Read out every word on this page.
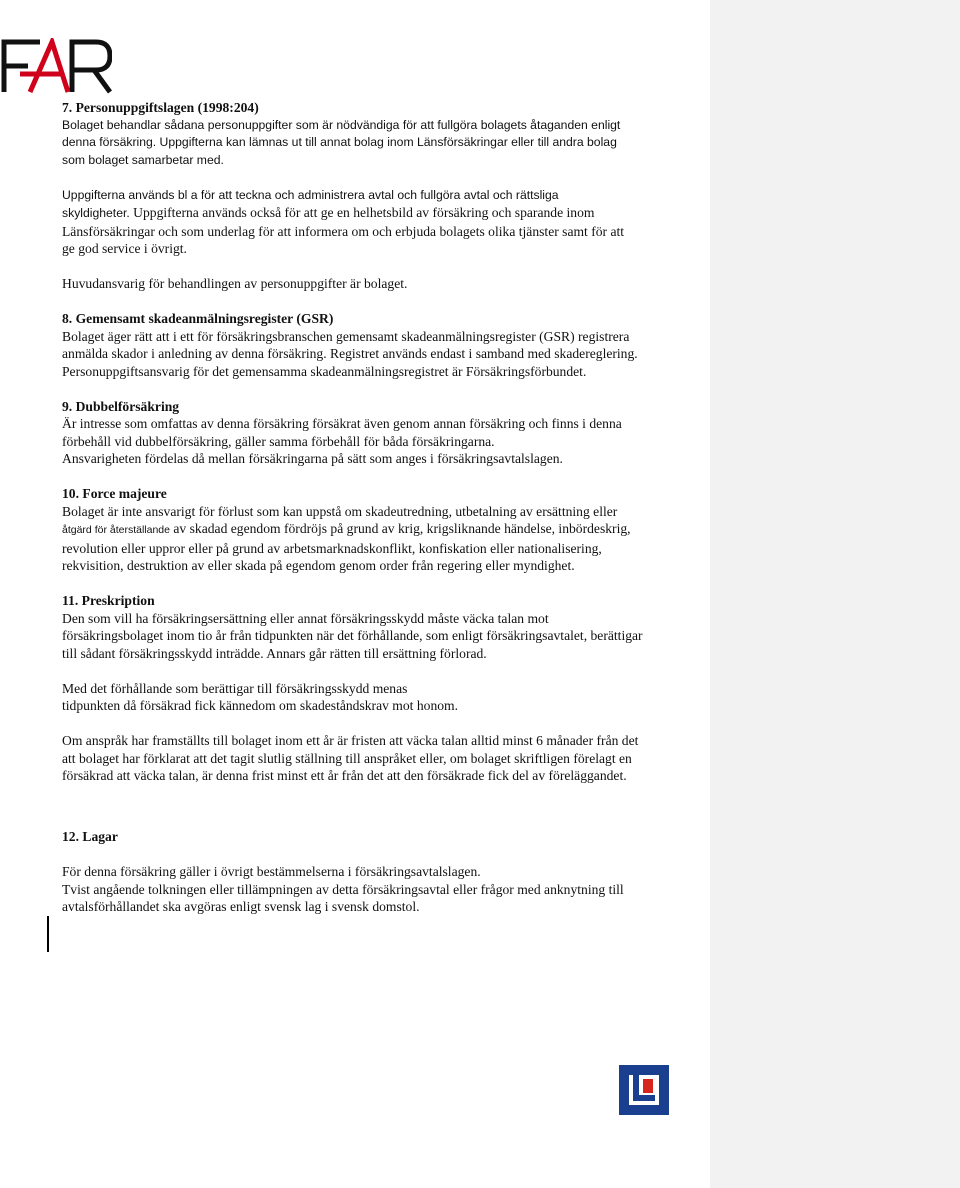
7. Personuppgiftslagen (1998:204)
Bolaget behandlar sådana personuppgifter som är nödvändiga för att fullgöra bolagets åtaganden enligt
denna försäkring. Uppgifterna kan lämnas ut till annat bolag inom Länsförsäkringar eller till andra bolag
som bolaget samarbetar med.
Uppgifterna används bl a för att teckna och administrera avtal och fullgöra avtal och rättsliga
skyldigheter. Uppgifterna används också för att ge en helhetsbild av försäkring och sparande inom
Länsförsäkringar och som underlag för att informera om och erbjuda bolagets olika tjänster samt för att
ge god service i övrigt.
Huvudansvarig för behandlingen av personuppgifter är bolaget.
8. Gemensamt skadeanmälningsregister (GSR)
Bolaget äger rätt att i ett för försäkringsbranschen gemensamt skadeanmälningsregister (GSR) registrera
anmälda skador i anledning av denna försäkring. Registret används endast i samband med skadereglering.
Personuppgiftsansvarig för det gemensamma skadeanmälningsregistret är Försäkringsförbundet.
9. Dubbelförsäkring
Är intresse som omfattas av denna försäkring försäkrat även genom annan försäkring och finns i denna
förbehåll vid dubbelförsäkring, gäller samma förbehåll för båda försäkringarna.
Ansvarigheten fördelas då mellan försäkringarna på sätt som anges i försäkringsavtalslagen.
10. Force majeure
Bolaget är inte ansvarigt för förlust som kan uppstå om skadeutredning, utbetalning av ersättning eller
åtgärd för återställande av skadad egendom fördröjs på grund av krig, krigsliknande händelse, inbördeskrig,
revolution eller uppror eller på grund av arbetsmarknadskonflikt, konfiskation eller nationalisering,
rekvisition, destruktion av eller skada på egendom genom order från regering eller myndighet.
11. Preskription
Den som vill ha försäkringsersättning eller annat försäkringsskydd måste väcka talan mot
försäkringsbolaget inom tio år från tidpunkten när det förhållande, som enligt försäkringsavtalet, berättigar
till sådant försäkringsskydd inträdde. Annars går rätten till ersättning förlorad.
Med det förhållande som berättigar till försäkringsskydd menas
tidpunkten då försäkrad fick kännedom om skadeståndskrav mot honom.
Om anspråk har framställts till bolaget inom ett år är fristen att väcka talan alltid minst 6 månader från det
att bolaget har förklarat att det tagit slutlig ställning till anspråket eller, om bolaget skriftligen förelagt en
försäkrad att väcka talan, är denna frist minst ett år från det att den försäkrade fick del av föreläggandet.
12. Lagar
För denna försäkring gäller i övrigt bestämmelserna i försäkringsavtalslagen.
Tvist angående tolkningen eller tillämpningen av detta försäkringsavtal eller frågor med anknytning till
avtalsförhållandet ska avgöras enligt svensk lag i svensk domstol.
